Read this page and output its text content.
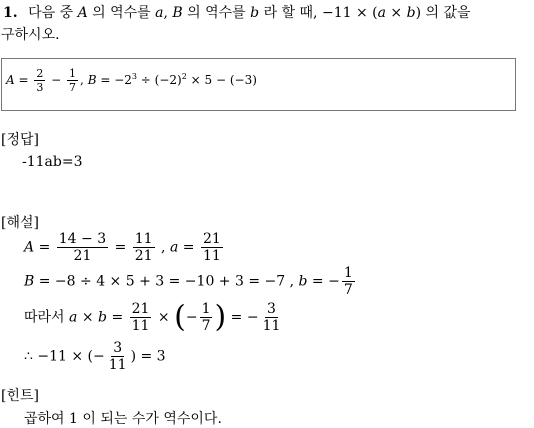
1. 다음 중 A 의 역수를 a, B 의 역수를 b 라 할 때, −11 × (a × b) 의 값을
구하시오.
$A = \frac{2}{3} - \frac{1}{7}$ , $B = -2^3 \div (-2)^2 \times 5 - (-3)$
[정답]
-11ab=3
[해설]
$A = \frac{14 - 3}{21} = \frac{11}{21}$ , $a = \frac{21}{11}$
B = −8 ÷ 4 × 5 + 3 = −10 + 3 = −7 , b = − $\frac{1}{7}$
따라서 $a \times b = \frac{21}{11}$ × (− $\frac{1}{7}$ ) = − $\frac{3}{11}$
∴ −11 × (− $\frac{3}{11}$ ) = 3
[힌트]
곱하여 1 이 되는 수가 역수이다.
